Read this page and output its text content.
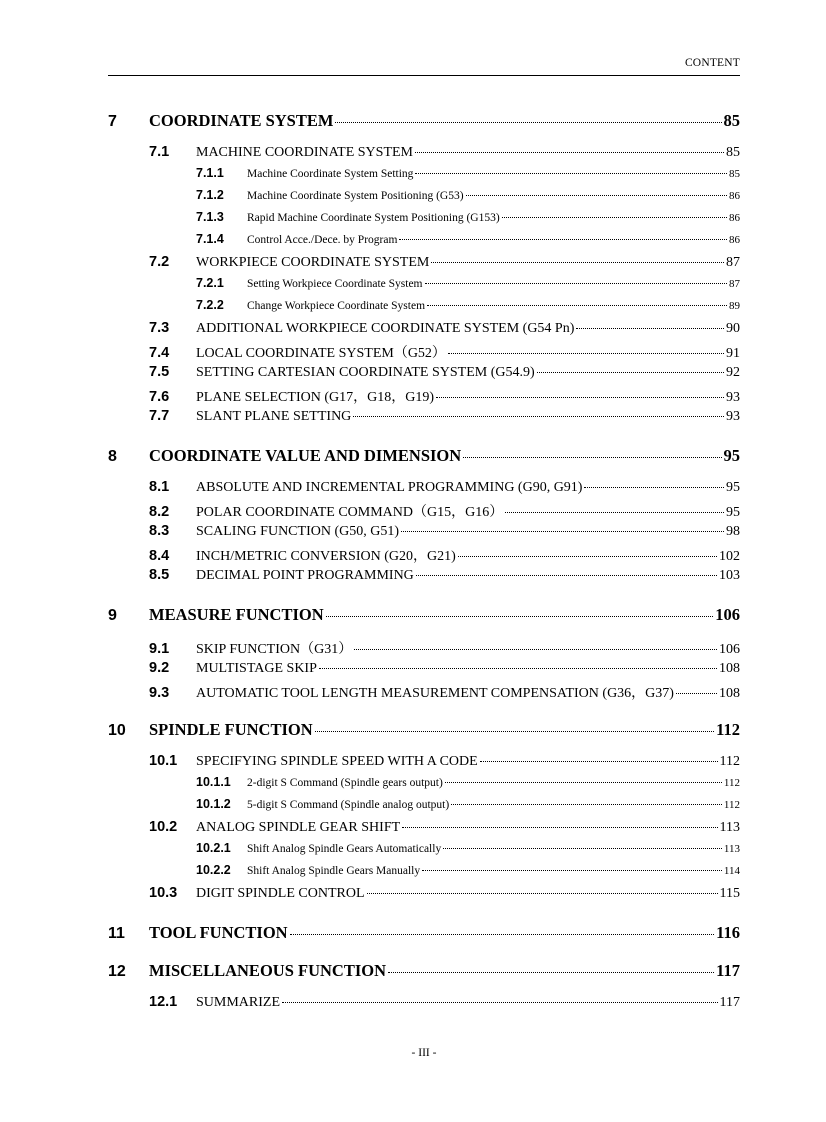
CONTENT
7	COORDINATE SYSTEM	85
7.1	MACHINE COORDINATE SYSTEM	85
7.1.1	Machine Coordinate System Setting	85
7.1.2	Machine Coordinate System Positioning (G53)	86
7.1.3	Rapid Machine Coordinate System Positioning (G153)	86
7.1.4	Control Acce./Dece. by Program	86
7.2	WORKPIECE COORDINATE SYSTEM	87
7.2.1	Setting Workpiece Coordinate System	87
7.2.2	Change Workpiece Coordinate System	89
7.3	ADDITIONAL WORKPIECE COORDINATE SYSTEM (G54 Pn)	90
7.4	LOCAL COORDINATE SYSTEM（G52）	91
7.5	SETTING CARTESIAN COORDINATE SYSTEM (G54.9)	92
7.6	PLANE SELECTION (G17，G18，G19)	93
7.7	SLANT PLANE SETTING	93
8	COORDINATE VALUE AND DIMENSION	95
8.1	ABSOLUTE AND INCREMENTAL PROGRAMMING (G90, G91)	95
8.2	POLAR COORDINATE COMMAND（G15，G16）	95
8.3	SCALING FUNCTION (G50, G51)	98
8.4	INCH/METRIC CONVERSION (G20，G21)	102
8.5	DECIMAL POINT PROGRAMMING	103
9	MEASURE FUNCTION	106
9.1	SKIP FUNCTION（G31）	106
9.2	MULTISTAGE SKIP	108
9.3	AUTOMATIC TOOL LENGTH MEASUREMENT COMPENSATION (G36，G37)	108
10	SPINDLE FUNCTION	112
10.1	SPECIFYING SPINDLE SPEED WITH A CODE	112
10.1.1	2-digit S Command (Spindle gears output)	112
10.1.2	5-digit S Command (Spindle analog output)	112
10.2	ANALOG SPINDLE GEAR SHIFT	113
10.2.1	Shift Analog Spindle Gears Automatically	113
10.2.2	Shift Analog Spindle Gears Manually	114
10.3	DIGIT SPINDLE CONTROL	115
11	TOOL FUNCTION	116
12	MISCELLANEOUS FUNCTION	117
12.1	SUMMARIZE	117
- III -
